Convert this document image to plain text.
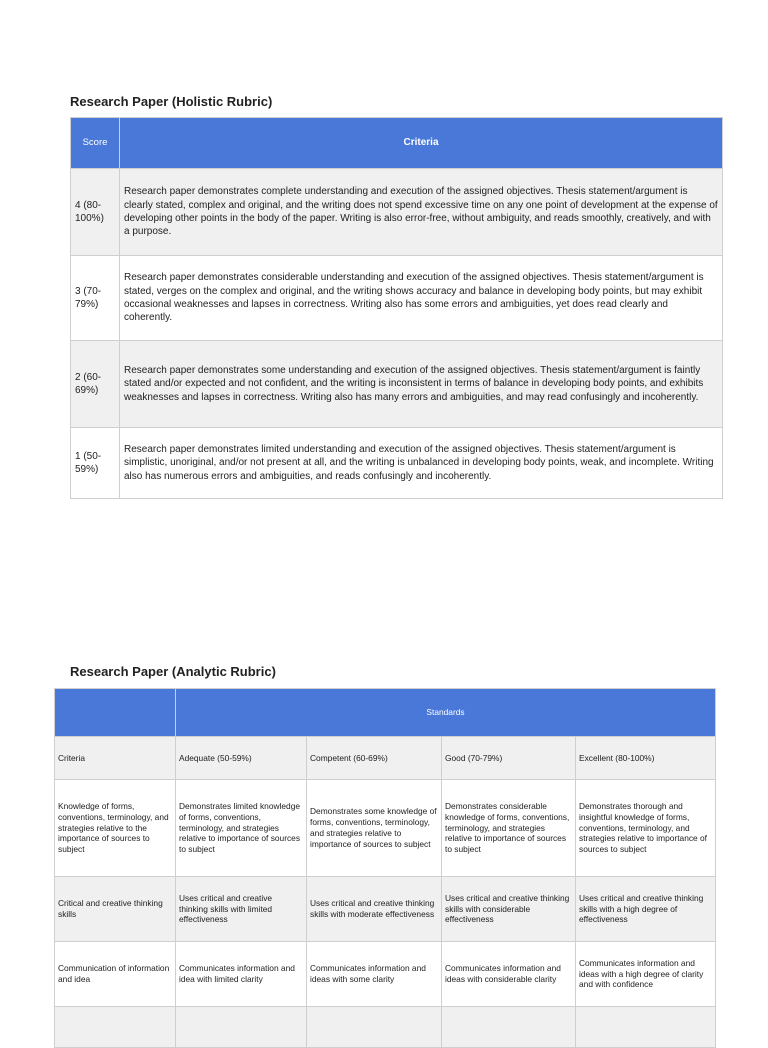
Research Paper (Holistic Rubric)
Score	Criteria
4 (80-100%)	Research paper demonstrates complete understanding and execution of the assigned objectives. Thesis statement/argument is clearly stated, complex and original, and the writing does not spend excessive time on any one point of development at the expense of developing other points in the body of the paper. Writing is also error-free, without ambiguity, and reads smoothly, creatively, and with a purpose.
3 (70-79%)	Research paper demonstrates considerable understanding and execution of the assigned objectives. Thesis statement/argument is stated, verges on the complex and original, and the writing shows accuracy and balance in developing body points, but may exhibit occasional weaknesses and lapses in correctness. Writing also has some errors and ambiguities, yet does read clearly and coherently.
2 (60-69%)	Research paper demonstrates some understanding and execution of the assigned objectives. Thesis statement/argument is faintly stated and/or expected and not confident, and the writing is inconsistent in terms of balance in developing body points, and exhibits weaknesses and lapses in correctness. Writing also has many errors and ambiguities, and may read confusingly and incoherently.
1 (50-59%)	Research paper demonstrates limited understanding and execution of the assigned objectives. Thesis statement/argument is simplistic, unoriginal, and/or not present at all, and the writing is unbalanced in developing body points, weak, and incomplete. Writing also has numerous errors and ambiguities, and reads confusingly and incoherently.
Research Paper (Analytic Rubric)
	Standards			
Criteria	Adequate (50-59%)	Competent (60-69%)	Good (70-79%)	Excellent (80-100%)
Knowledge of forms, conventions, terminology, and strategies relative to the importance of sources to subject	Demonstrates limited knowledge of forms, conventions, terminology, and strategies relative to importance of sources to subject	Demonstrates some knowledge of forms, conventions, terminology, and strategies relative to importance of sources to subject	Demonstrates considerable knowledge of forms, conventions, terminology, and strategies relative to importance of sources to subject	Demonstrates thorough and insightful knowledge of forms, conventions, terminology, and strategies relative to importance of sources to subject
Critical and creative thinking skills	Uses critical and creative thinking skills with limited effectiveness	Uses critical and creative thinking skills with moderate effectiveness	Uses critical and creative thinking skills with considerable effectiveness	Uses critical and creative thinking skills with a high degree of effectiveness
Communication of information and idea	Communicates information and idea with limited clarity	Communicates information and ideas with some clarity	Communicates information and ideas with considerable clarity	Communicates information and ideas with a high degree of clarity and with confidence
